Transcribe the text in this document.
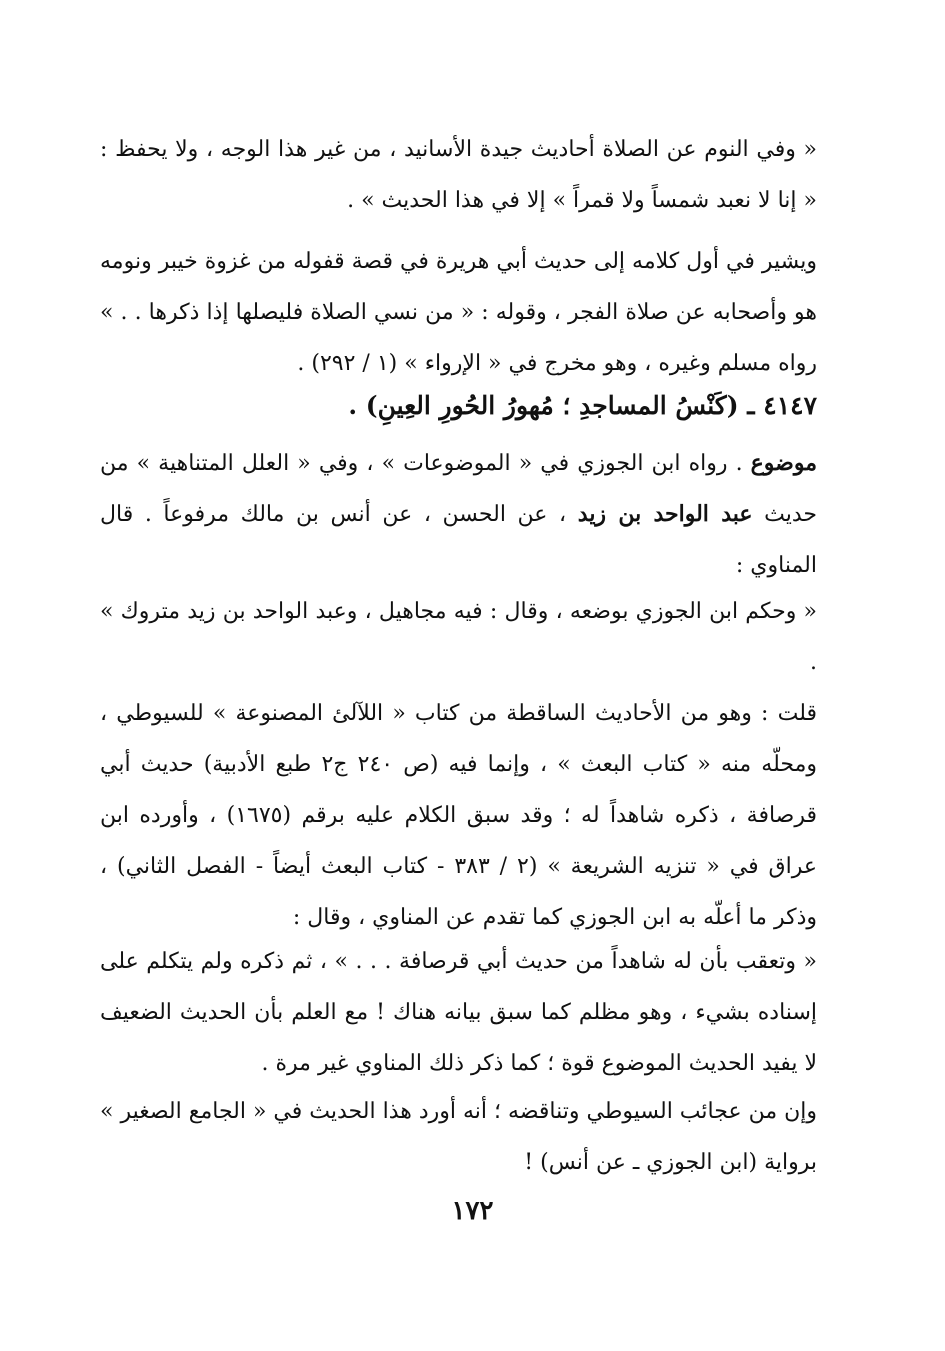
« وفي النوم عن الصلاة أحاديث جيدة الأسانيد ، من غير هذا الوجه ، ولا يحفظ : « إنا لا نعبد شمساً ولا قمراً » إلا في هذا الحديث » .

ويشير في أول كلامه إلى حديث أبي هريرة في قصة قفوله من غزوة خيبر ونومه هو وأصحابه عن صلاة الفجر ، وقوله : « من نسي الصلاة فليصلها إذا ذكرها . . » رواه مسلم وغيره ، وهو مخرج في « الإرواء » (١ / ٢٩٢) .

٤١٤٧ ـ (كَنْسُ المساجدِ ؛ مُهورُ الحُورِ العِينِ) .

موضوع . رواه ابن الجوزي في « الموضوعات » ، وفي « العلل المتناهية » من حديث عبد الواحد بن زيد ، عن الحسن ، عن أنس بن مالك مرفوعاً . قال المناوي :

« وحكم ابن الجوزي بوضعه ، وقال : فيه مجاهيل ، وعبد الواحد بن زيد متروك » .

قلت : وهو من الأحاديث الساقطة من كتاب « اللآلئ المصنوعة » للسيوطي ، ومحلّه منه « كتاب البعث » ، وإنما فيه (ص ٢٤٠ ج٢ طبع الأدبية) حديث أبي قرصافة ، ذكره شاهداً له ؛ وقد سبق الكلام عليه برقم (١٦٧٥) ، وأورده ابن عراق في « تنزيه الشريعة » (٢ / ٣٨٣ - كتاب البعث أيضاً - الفصل الثاني) ، وذكر ما أعلّه به ابن الجوزي كما تقدم عن المناوي ، وقال :

« وتعقب بأن له شاهداً من حديث أبي قرصافة . . . » ، ثم ذكره ولم يتكلم على إسناده بشيء ، وهو مظلم كما سبق بيانه هناك ! مع العلم بأن الحديث الضعيف لا يفيد الحديث الموضوع قوة ؛ كما ذكر ذلك المناوي غير مرة .

وإن من عجائب السيوطي وتناقضه ؛ أنه أورد هذا الحديث في « الجامع الصغير » برواية (ابن الجوزي ـ عن أنس) !

١٧٢
